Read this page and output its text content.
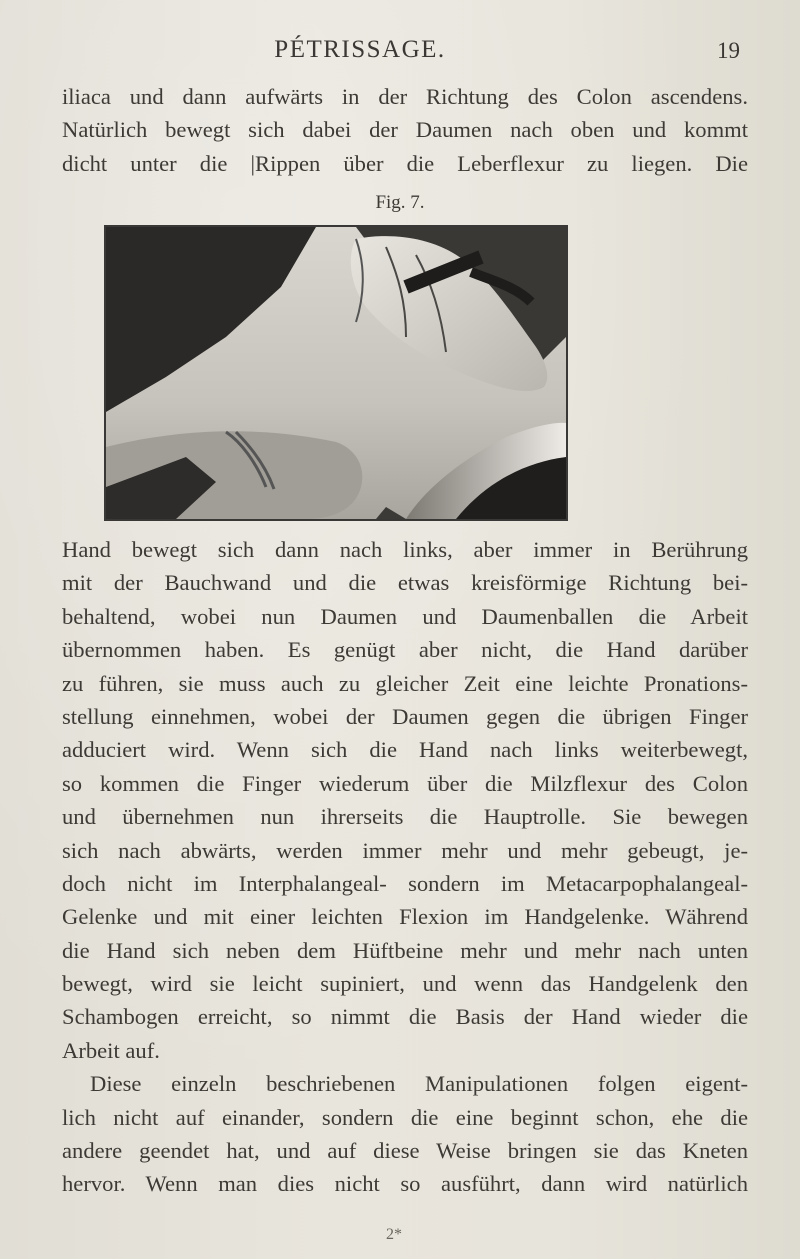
PÉTRISSAGE.	19
iliaca und dann aufwärts in der Richtung des Colon ascendens.
Natürlich bewegt sich dabei der Daumen nach oben und kommt
dicht unter die |Rippen über die Leberflexur zu liegen. Die
Fig. 7.
Hand bewegt sich dann nach links, aber immer in Berührung
mit der Bauchwand und die etwas kreisförmige Richtung bei-
behaltend, wobei nun Daumen und Daumenballen die Arbeit
übernommen haben. Es genügt aber nicht, die Hand darüber
zu führen, sie muss auch zu gleicher Zeit eine leichte Pronations-
stellung einnehmen, wobei der Daumen gegen die übrigen Finger
adduciert wird. Wenn sich die Hand nach links weiterbewegt,
so kommen die Finger wiederum über die Milzflexur des Colon
und übernehmen nun ihrerseits die Hauptrolle. Sie bewegen
sich nach abwärts, werden immer mehr und mehr gebeugt, je-
doch nicht im Interphalangeal- sondern im Metacarpophalangeal-
Gelenke und mit einer leichten Flexion im Handgelenke. Während
die Hand sich neben dem Hüftbeine mehr und mehr nach unten
bewegt, wird sie leicht supiniert, und wenn das Handgelenk den
Schambogen erreicht, so nimmt die Basis der Hand wieder die
Arbeit auf.
Diese einzeln beschriebenen Manipulationen folgen eigent-
lich nicht auf einander, sondern die eine beginnt schon, ehe die
andere geendet hat, und auf diese Weise bringen sie das Kneten
hervor. Wenn man dies nicht so ausführt, dann wird natürlich
2*
